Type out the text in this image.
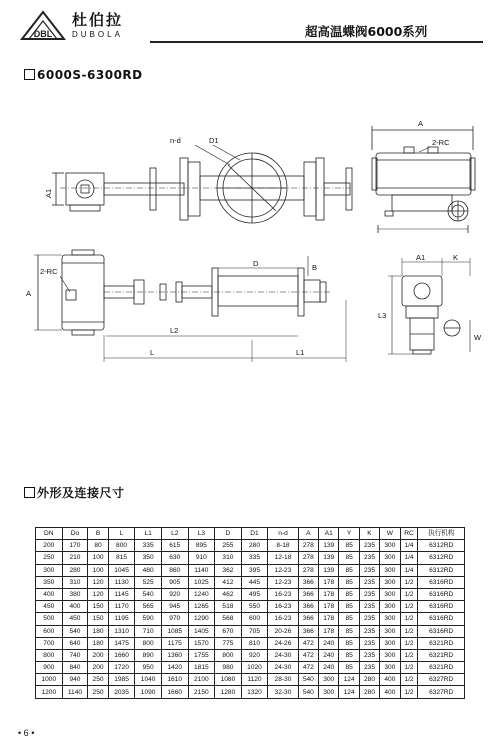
DBL
杜伯拉
DUBOLA	超高温蝶阀6000系列
6000S-6300RD
n-d	D1
A1
A
2-RC
2-RC
A
D	B
L2
L	L1
A1	K
L3
W
外形及连接尺寸
DN	Do	B	L	L1	L2	L3	D	D1	n-d	A	A1	Y	K	W	RC	执行机构
200	170	80	800	335	615	895	255	280	8-18	278	139	85	235	300	1/4	6312RD
250	210	100	815	350	630	910	310	335	12-18	278	139	85	235	300	1/4	6312RD
300	280	100	1045	480	860	1140	362	395	12-23	278	139	85	235	300	1/4	6312RD
350	310	120	1130	525	905	1025	412	445	12-23	366	178	85	235	300	1/2	6316RD
400	380	120	1145	540	920	1240	462	495	16-23	366	178	85	235	300	1/2	6316RD
450	400	150	1170	565	945	1265	518	550	16-23	366	178	85	235	300	1/2	6316RD
500	450	150	1195	590	970	1290	568	600	16-23	366	178	85	235	300	1/2	6316RD
600	540	180	1310	710	1085	1405	670	705	20-26	366	178	85	235	300	1/2	6316RD
700	640	180	1475	800	1175	1570	775	810	24-26	472	240	85	235	300	1/2	6321RD
800	740	200	1660	890	1360	1755	800	920	24-30	472	240	85	235	300	1/2	6321RD
900	840	200	1720	950	1420	1815	980	1020	24-30	472	240	85	235	300	1/2	6321RD
1000	940	250	1985	1040	1610	2100	1080	1120	28-30	540	300	124	280	400	1/2	6327RD
1200	1140	250	2035	1090	1660	2150	1280	1320	32-30	540	300	124	280	400	1/2	6327RD
• 6 •
